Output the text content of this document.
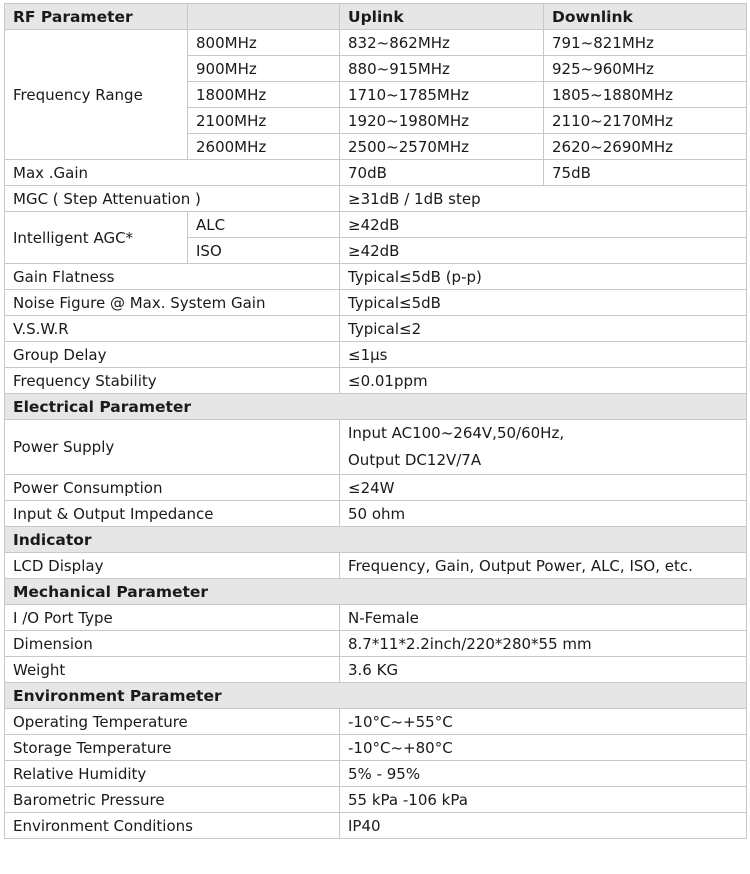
RF Parameter		Uplink	Downlink
Frequency Range	800MHz	832~862MHz	791~821MHz
	900MHz	880~915MHz	925~960MHz
	1800MHz	1710~1785MHz	1805~1880MHz
	2100MHz	1920~1980MHz	2110~2170MHz
	2600MHz	2500~2570MHz	2620~2690MHz
Max .Gain		70dB	75dB
MGC ( Step Attenuation )		≥31dB / 1dB step	
Intelligent AGC*	ALC	≥42dB	
	ISO	≥42dB	
Gain Flatness		Typical≤5dB (p-p)	
Noise Figure @ Max. System Gain		Typical≤5dB	
V.S.W.R		Typical≤2	
Group Delay		≤1μs	
Frequency Stability		≤0.01ppm	
Electrical Parameter			
Power Supply		Input AC100~264V,50/60Hz,
Output DC12V/7A	

Power Consumption		≤24W	
Input & Output Impedance		50 ohm	
Indicator			
LCD Display		Frequency, Gain, Output Power, ALC, ISO, etc.	
Mechanical Parameter			
I /O Port Type		N-Female	
Dimension		8.7*11*2.2inch/220*280*55 mm	
Weight		3.6 KG	
Environment Parameter			
Operating Temperature		-10°C~+55°C	
Storage Temperature		-10°C~+80°C	
Relative Humidity		5% - 95%	
Barometric Pressure		55 kPa -106 kPa	
Environment Conditions		IP40	
